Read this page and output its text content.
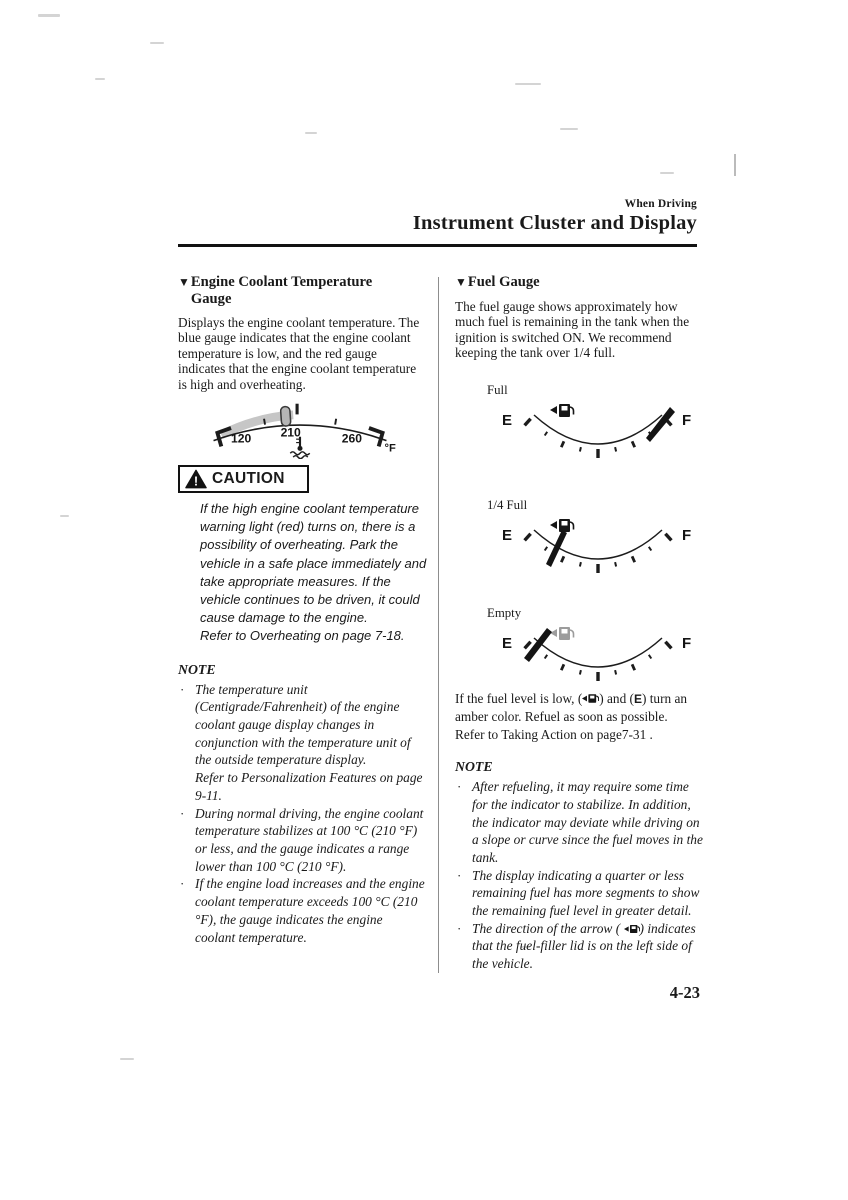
When Driving
Instrument Cluster and Display
▼ Engine Coolant Temperature Gauge
Displays the engine coolant temperature. The blue gauge indicates that the engine coolant temperature is low, and the red gauge indicates that the engine coolant temperature is high and overheating.
120 210	260
°F
! CAUTION
If the high engine coolant temperature warning light (red) turns on, there is a possibility of overheating. Park the vehicle in a safe place immediately and take appropriate measures. If the vehicle continues to be driven, it could cause damage to the engine.
Refer to Overheating on page 7-18.
NOTE
· The temperature unit (Centigrade/Fahrenheit) of the engine coolant gauge display changes in conjunction with the temperature unit of the outside temperature display.
Refer to Personalization Features on page 9-11.
· During normal driving, the engine coolant temperature stabilizes at 100 °C (210 °F) or less, and the gauge indicates a range lower than 100 °C (210 °F).
· If the engine load increases and the engine coolant temperature exceeds 100 °C (210 °F), the gauge indicates the engine coolant temperature.
▼ Fuel Gauge
The fuel gauge shows approximately how much fuel is remaining in the tank when the ignition is switched ON. We recommend keeping the tank over 1/4 full.
Full
E	F
1/4 Full
E	F
Empty
E	F
If the fuel level is low, ( ) and (E) turn an amber color. Refuel as soon as possible.
Refer to Taking Action on page7-31 .
NOTE
· After refueling, it may require some time for the indicator to stabilize. In addition, the indicator may deviate while driving on a slope or curve since the fuel moves in the tank.
· The display indicating a quarter or less remaining fuel has more segments to show the remaining fuel level in greater detail.
· The direction of the arrow ( ) indicates that the fuel-filler lid is on the left side of the vehicle.
4-23
